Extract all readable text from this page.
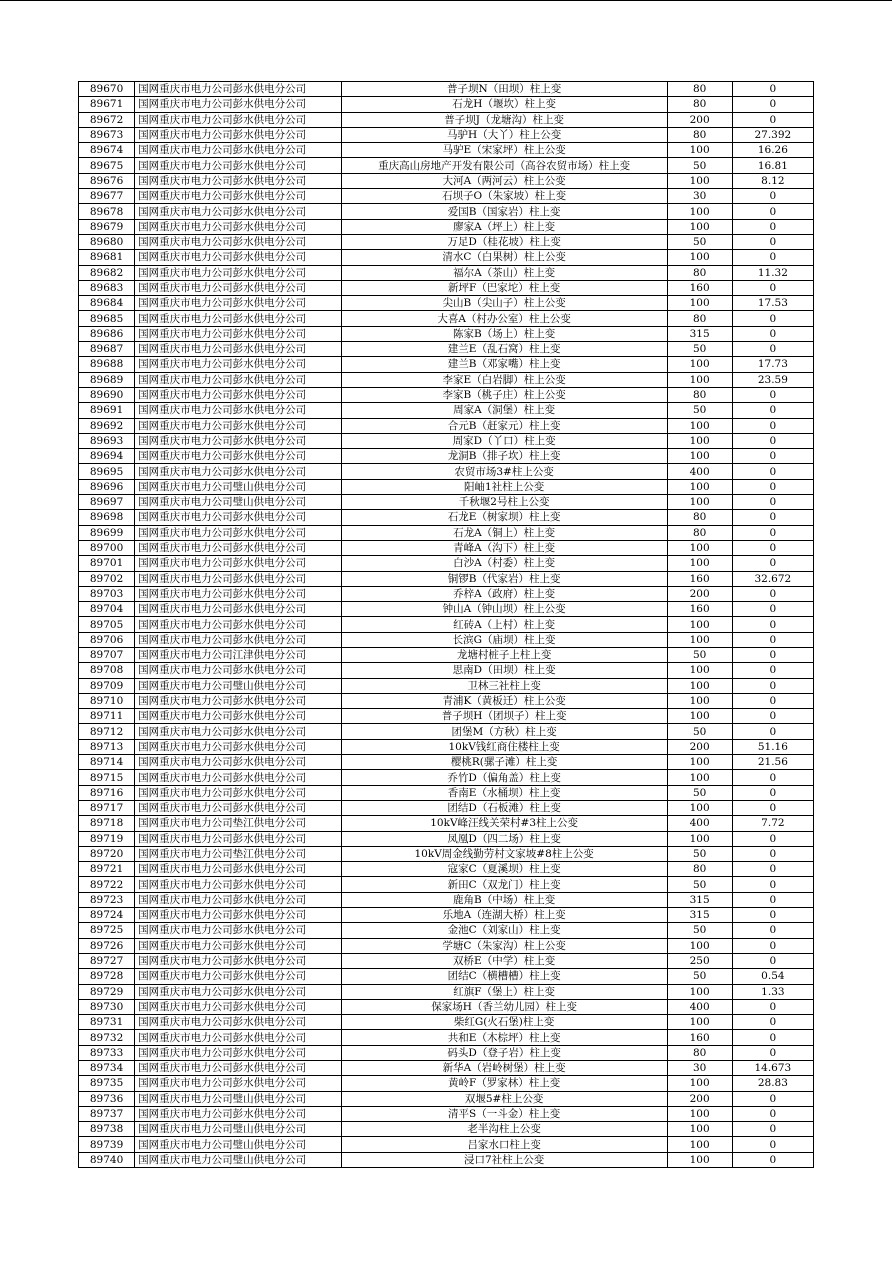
89670	国网重庆市电力公司彭水供电分公司	普子坝N（田坝）柱上变	80	0
89671	国网重庆市电力公司彭水供电分公司	石龙H（堰坎）柱上变	80	0
89672	国网重庆市电力公司彭水供电分公司	普子坝J（龙塘沟）柱上变	200	0
89673	国网重庆市电力公司彭水供电分公司	马驴H（大丫）柱上公变	80	27.392
89674	国网重庆市电力公司彭水供电分公司	马驴E（宋家坪）柱上公变	100	16.26
89675	国网重庆市电力公司彭水供电分公司	重庆高山房地产开发有限公司（高谷农贸市场）柱上变	50	16.81
89676	国网重庆市电力公司彭水供电分公司	大河A（两河云）柱上公变	100	8.12
89677	国网重庆市电力公司彭水供电分公司	石坝子O（朱家坡）柱上变	30	0
89678	国网重庆市电力公司彭水供电分公司	爱国B（国家岩）柱上变	100	0
89679	国网重庆市电力公司彭水供电分公司	廖家A（坪上）柱上变	100	0
89680	国网重庆市电力公司彭水供电分公司	万足D（桂花坡）柱上变	50	0
89681	国网重庆市电力公司彭水供电分公司	清水C（白果树）柱上公变	100	0
89682	国网重庆市电力公司彭水供电分公司	福尔A（茶山）柱上变	80	11.32
89683	国网重庆市电力公司彭水供电分公司	新坪F（巴家坨）柱上变	160	0
89684	国网重庆市电力公司彭水供电分公司	尖山B（尖山子）柱上公变	100	17.53
89685	国网重庆市电力公司彭水供电分公司	大喜A（村办公室）柱上公变	80	0
89686	国网重庆市电力公司彭水供电分公司	陈家B（场上）柱上变	315	0
89687	国网重庆市电力公司彭水供电分公司	建兰E（乱石窝）柱上变	50	0
89688	国网重庆市电力公司彭水供电分公司	建兰B（邓家嘴）柱上变	100	17.73
89689	国网重庆市电力公司彭水供电分公司	李家E（白岩脚）柱上公变	100	23.59
89690	国网重庆市电力公司彭水供电分公司	李家B（桃子庄）柱上公变	80	0
89691	国网重庆市电力公司彭水供电分公司	周家A（洞堡）柱上变	50	0
89692	国网重庆市电力公司彭水供电分公司	合元B（赶家元）柱上变	100	0
89693	国网重庆市电力公司彭水供电分公司	周家D（丫口）柱上变	100	0
89694	国网重庆市电力公司彭水供电分公司	龙洞B（排子坎）柱上变	100	0
89695	国网重庆市电力公司彭水供电分公司	农贸市场3#柱上公变	400	0
89696	国网重庆市电力公司璧山供电分公司	阳岫1社柱上公变	100	0
89697	国网重庆市电力公司璧山供电分公司	千秋堰2号柱上公变	100	0
89698	国网重庆市电力公司彭水供电分公司	石龙E（树家坝）柱上变	80	0
89699	国网重庆市电力公司彭水供电分公司	石龙A（铜上）柱上变	80	0
89700	国网重庆市电力公司彭水供电分公司	青峰A（沟下）柱上变	100	0
89701	国网重庆市电力公司彭水供电分公司	白沙A（村委）柱上变	100	0
89702	国网重庆市电力公司彭水供电分公司	铜锣B（代家岩）柱上变	160	32.672
89703	国网重庆市电力公司彭水供电分公司	乔梓A（政府）柱上变	200	0
89704	国网重庆市电力公司彭水供电分公司	钟山A（钟山坝）柱上公变	160	0
89705	国网重庆市电力公司彭水供电分公司	红砖A（上村）柱上变	100	0
89706	国网重庆市电力公司彭水供电分公司	长滨G（庙坝）柱上变	100	0
89707	国网重庆市电力公司江津供电分公司	龙塘村桩子上柱上变	50	0
89708	国网重庆市电力公司彭水供电分公司	思南D（田坝）柱上变	100	0
89709	国网重庆市电力公司璧山供电分公司	卫林三社柱上变	100	0
89710	国网重庆市电力公司彭水供电分公司	青浦K（黄板迁）柱上公变	100	0
89711	国网重庆市电力公司彭水供电分公司	普子坝H（团坝子）柱上变	100	0
89712	国网重庆市电力公司彭水供电分公司	团堡M（方秋）柱上变	50	0
89713	国网重庆市电力公司彭水供电分公司	10kV钱红商住楼柱上变	200	51.16
89714	国网重庆市电力公司彭水供电分公司	樱桃R(骡子滩）柱上变	100	21.56
89715	国网重庆市电力公司彭水供电分公司	乔竹D（偏角盖）柱上变	100	0
89716	国网重庆市电力公司彭水供电分公司	香南E（水桶坝）柱上变	50	0
89717	国网重庆市电力公司彭水供电分公司	团结D（石板滩）柱上变	100	0
89718	国网重庆市电力公司垫江供电分公司	10kV峰汪线关荣村#3柱上公变	400	7.72
89719	国网重庆市电力公司彭水供电分公司	凤凰D（四二场）柱上变	100	0
89720	国网重庆市电力公司垫江供电分公司	10kV周金线勤劳村文家坡#8柱上公变	50	0
89721	国网重庆市电力公司彭水供电分公司	寇家C（夏溪坝）柱上变	80	0
89722	国网重庆市电力公司彭水供电分公司	新田C（双龙门）柱上变	50	0
89723	国网重庆市电力公司彭水供电分公司	鹿角B（中场）柱上变	315	0
89724	国网重庆市电力公司彭水供电分公司	乐地A（连湖大桥）柱上变	315	0
89725	国网重庆市电力公司彭水供电分公司	金池C（刘家山）柱上变	50	0
89726	国网重庆市电力公司彭水供电分公司	学塘C（朱家沟）柱上公变	100	0
89727	国网重庆市电力公司彭水供电分公司	双桥E（中学）柱上变	250	0
89728	国网重庆市电力公司彭水供电分公司	团结C（横槽槽）柱上变	50	0.54
89729	国网重庆市电力公司彭水供电分公司	红旗F（堡上）柱上变	100	1.33
89730	国网重庆市电力公司彭水供电分公司	保家场H（香兰幼儿园）柱上变	400	0
89731	国网重庆市电力公司彭水供电分公司	柴红G(火石堡)柱上变	100	0
89732	国网重庆市电力公司彭水供电分公司	共和E（木棕坪）柱上变	160	0
89733	国网重庆市电力公司彭水供电分公司	码头D（登子岩）柱上变	80	0
89734	国网重庆市电力公司彭水供电分公司	新华A（岩岭树堡）柱上变	30	14.673
89735	国网重庆市电力公司彭水供电分公司	黄岭F（罗家林）柱上变	100	28.83
89736	国网重庆市电力公司璧山供电分公司	双堰5#柱上公变	200	0
89737	国网重庆市电力公司彭水供电分公司	清平S（一斗金）柱上变	100	0
89738	国网重庆市电力公司璧山供电分公司	老半沟柱上公变	100	0
89739	国网重庆市电力公司璧山供电分公司	吕家水口柱上变	100	0
89740	国网重庆市电力公司璧山供电分公司	浸口7社柱上公变	100	0
